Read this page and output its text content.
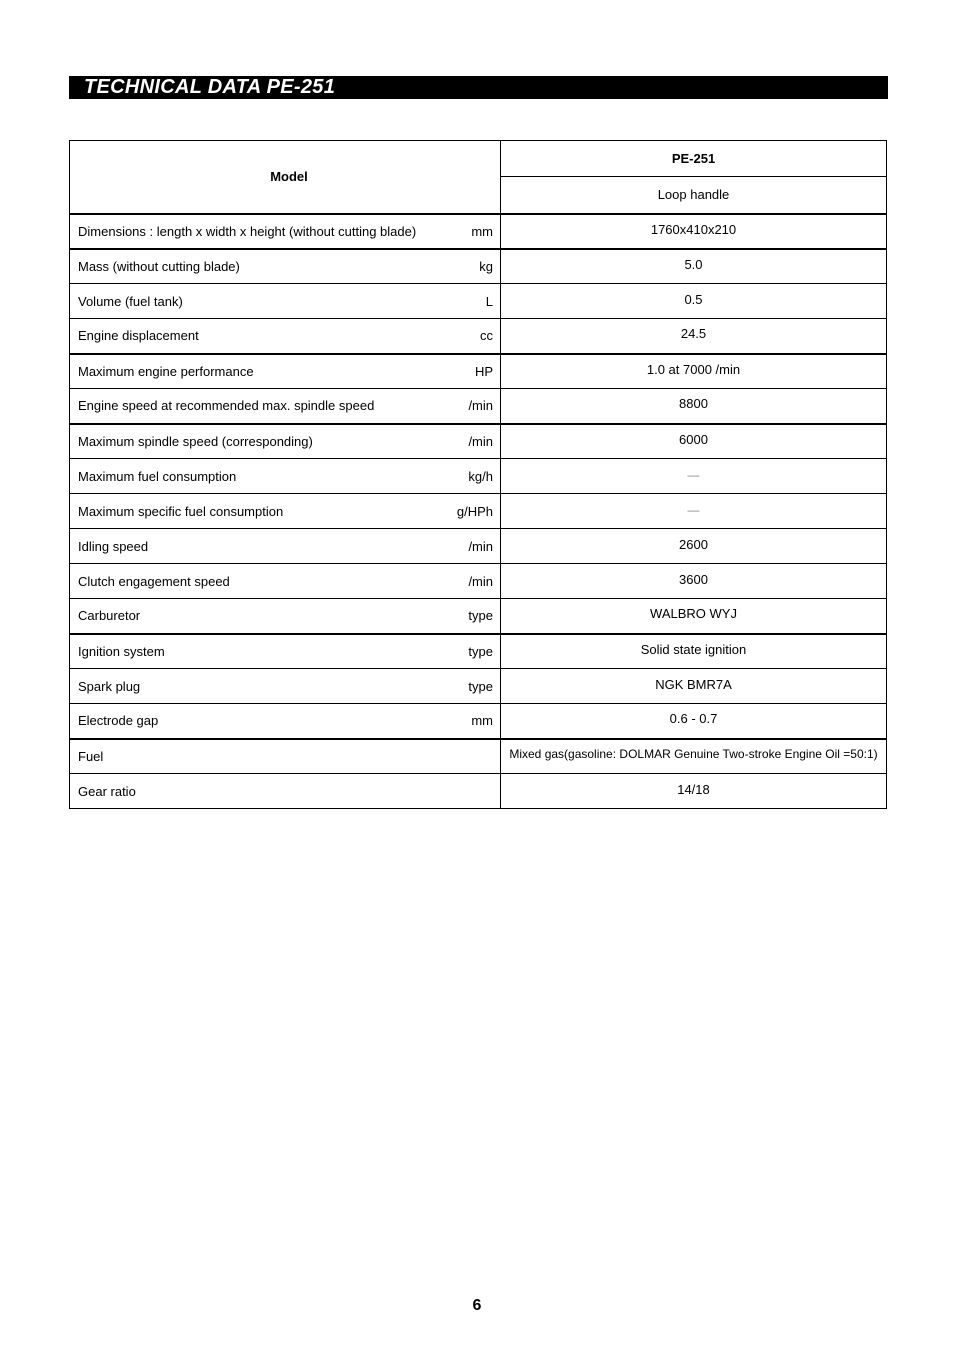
TECHNICAL DATA PE-251
Model	PE-251
	Loop handle

Dimensions : length x width x height (without cutting blade) mm	1760x410x210

Mass (without cutting blade) kg	5.0

Volume (fuel tank) L	0.5

Engine displacement cc	24.5

Maximum engine performance HP	1.0 at 7000 /min

Engine speed at recommended max. spindle speed /min	8800

Maximum spindle speed (corresponding) /min	6000

Maximum fuel consumption kg/h	—

Maximum specific fuel consumption g/HPh	—

Idling speed /min	2600

Clutch engagement speed /min	3600

Carburetor type	WALBRO WYJ

Ignition system type	Solid state ignition

Spark plug type	NGK BMR7A

Electrode gap mm	0.6 - 0.7

Fuel	Mixed gas(gasoline: DOLMAR Genuine Two-stroke Engine Oil =50:1)

Gear ratio	14/18
6
